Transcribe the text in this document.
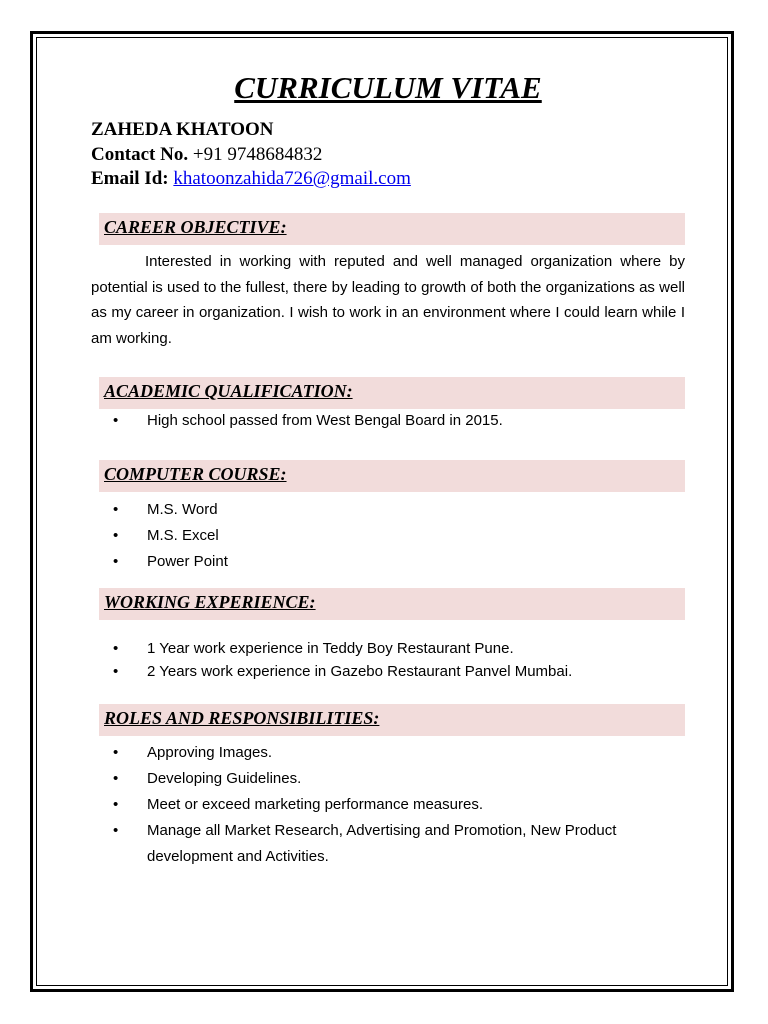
CURRICULUM VITAE
ZAHEDA KHATOON
Contact No. +91 9748684832
Email Id: khatoonzahida726@gmail.com
CAREER OBJECTIVE:

Interested in working with reputed and well managed organization where by potential is used to the fullest, there by leading to growth of both the organizations as well as my career in organization. I wish to work in an environment where I could learn while I am working.

ACADEMIC QUALIFICATION:
• High school passed from West Bengal Board in 2015.
COMPUTER COURSE:
• M.S. Word
• M.S. Excel
• Power Point
WORKING EXPERIENCE:
• 1 Year work experience in Teddy Boy Restaurant Pune.
• 2 Years work experience in Gazebo Restaurant Panvel Mumbai.
ROLES AND RESPONSIBILITIES:
• Approving Images.
• Developing Guidelines.
• Meet or exceed marketing performance measures.
• Manage all Market Research, Advertising and Promotion, New Product development and Activities.
